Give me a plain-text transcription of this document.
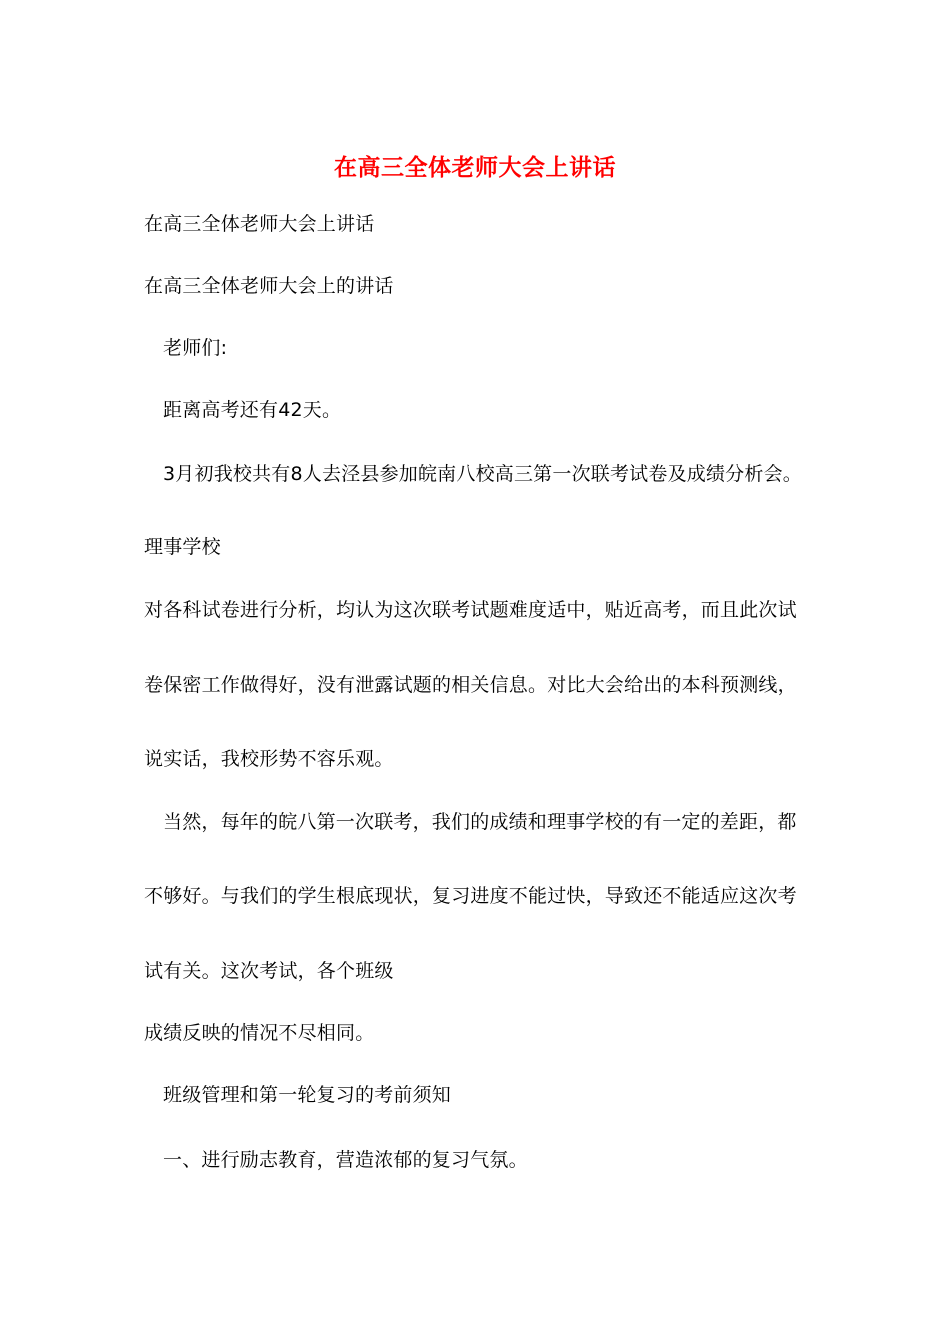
在高三全体老师大会上讲话
在高三全体老师大会上讲话
在高三全体老师大会上的讲话
老师们:
距离高考还有42天。
3月初我校共有8人去泾县参加皖南八校高三第一次联考试卷及成绩分析会。
理事学校
对各科试卷进行分析，均认为这次联考试题难度适中，贴近高考，而且此次试
卷保密工作做得好，没有泄露试题的相关信息。对比大会给出的本科预测线，
说实话，我校形势不容乐观。
当然，每年的皖八第一次联考，我们的成绩和理事学校的有一定的差距，都
不够好。与我们的学生根底现状，复习进度不能过快，导致还不能适应这次考
试有关。这次考试，各个班级
成绩反映的情况不尽相同。
班级管理和第一轮复习的考前须知
一、进行励志教育，营造浓郁的复习气氛。
